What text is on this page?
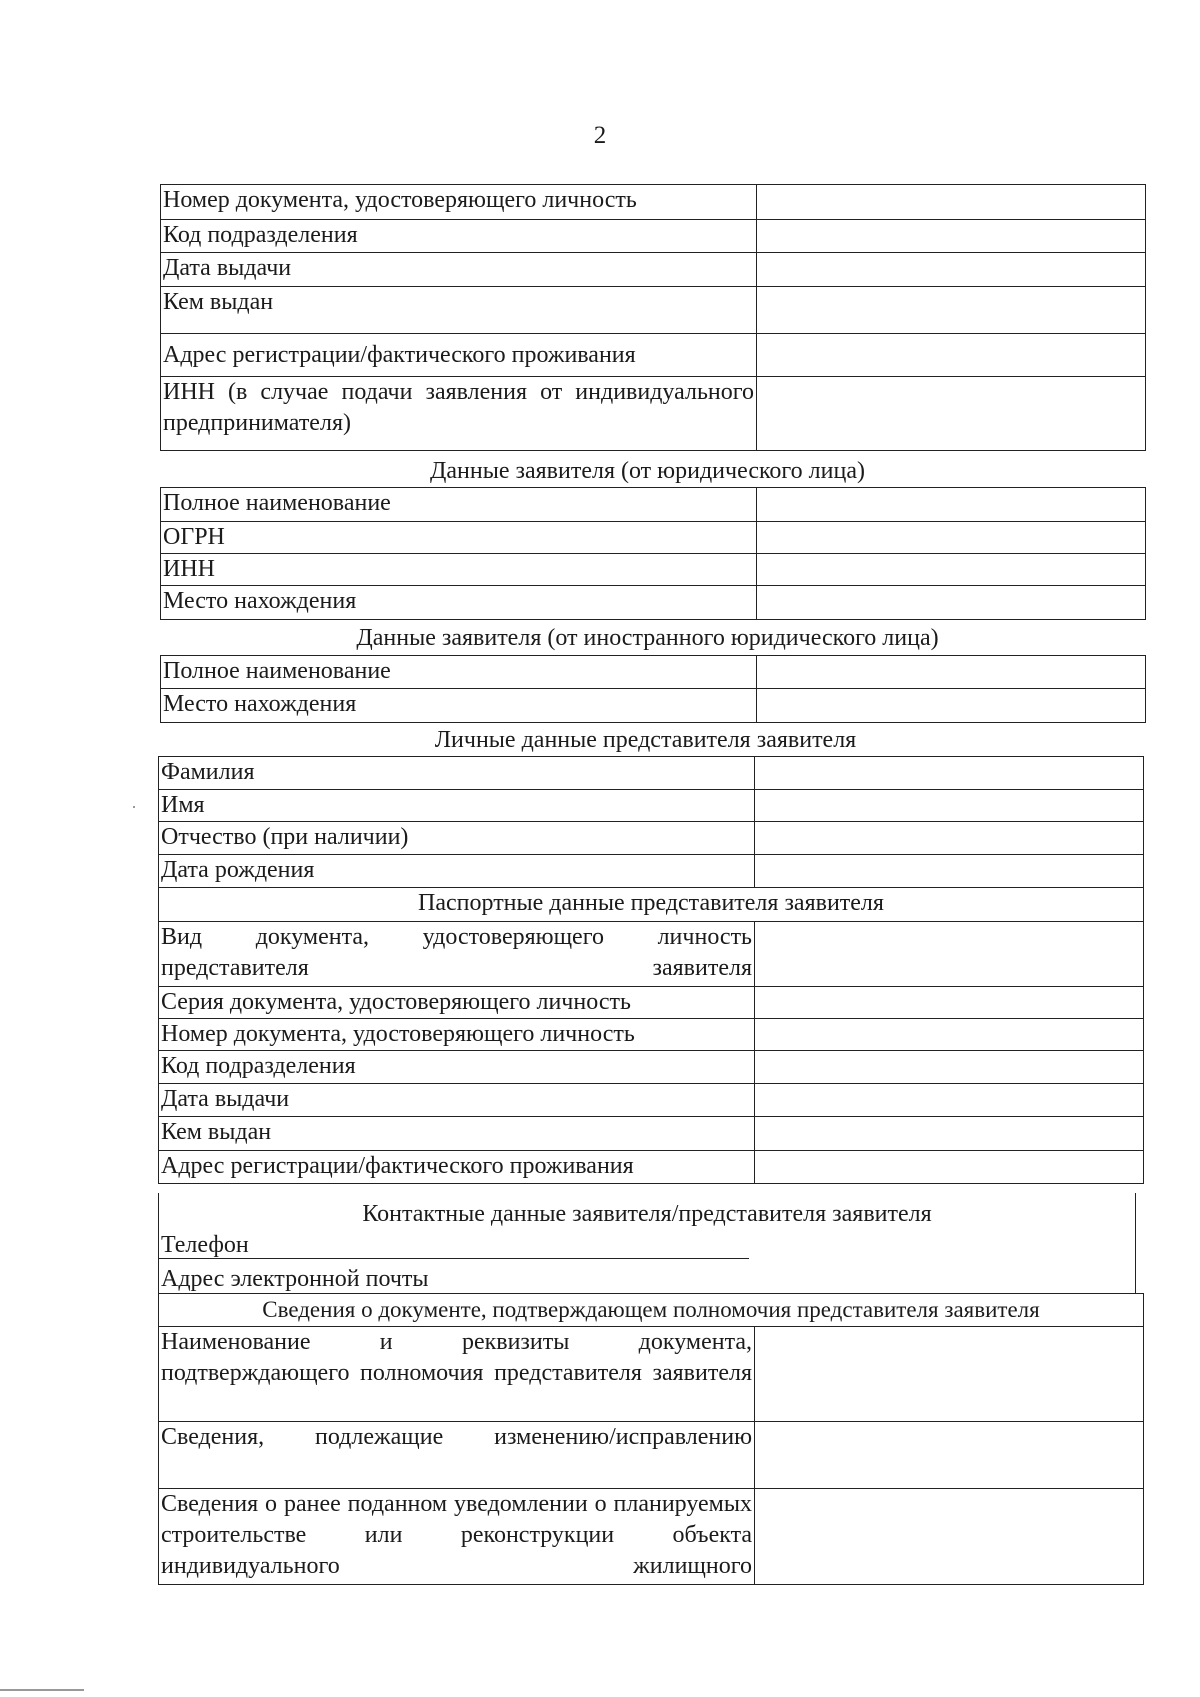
2
Номер документа, удостоверяющего личность	
Код подразделения	
Дата выдачи	
Кем выдан	
Адрес регистрации/фактического проживания	
ИНН (в случае подачи заявления от индивидуального предпринимателя)	
Данные заявителя (от юридического лица)
Полное наименование	
ОГРН	
ИНН	
Место нахождения	
Данные заявителя (от иностранного юридического лица)
Полное наименование	
Место нахождения	
Личные данные представителя заявителя
Фамилия	
Имя	
Отчество (при наличии)	
Дата рождения	
Паспортные данные представителя заявителя	
Вид документа, удостоверяющего личность представителя заявителя	
Серия документа, удостоверяющего личность	
Номер документа, удостоверяющего личность	
Код подразделения	
Дата выдачи	
Кем выдан	
Адрес регистрации/фактического проживания	
Контактные данные заявителя/представителя заявителя
Телефон
Адрес электронной почты
Сведения о документе, подтверждающем полномочия представителя заявителя	
Наименование и реквизиты документа, подтверждающего полномочия представителя заявителя	
Сведения, подлежащие изменению/исправлению	
Сведения о ранее поданном уведомлении о планируемых строительстве или реконструкции объекта индивидуального жилищного	
